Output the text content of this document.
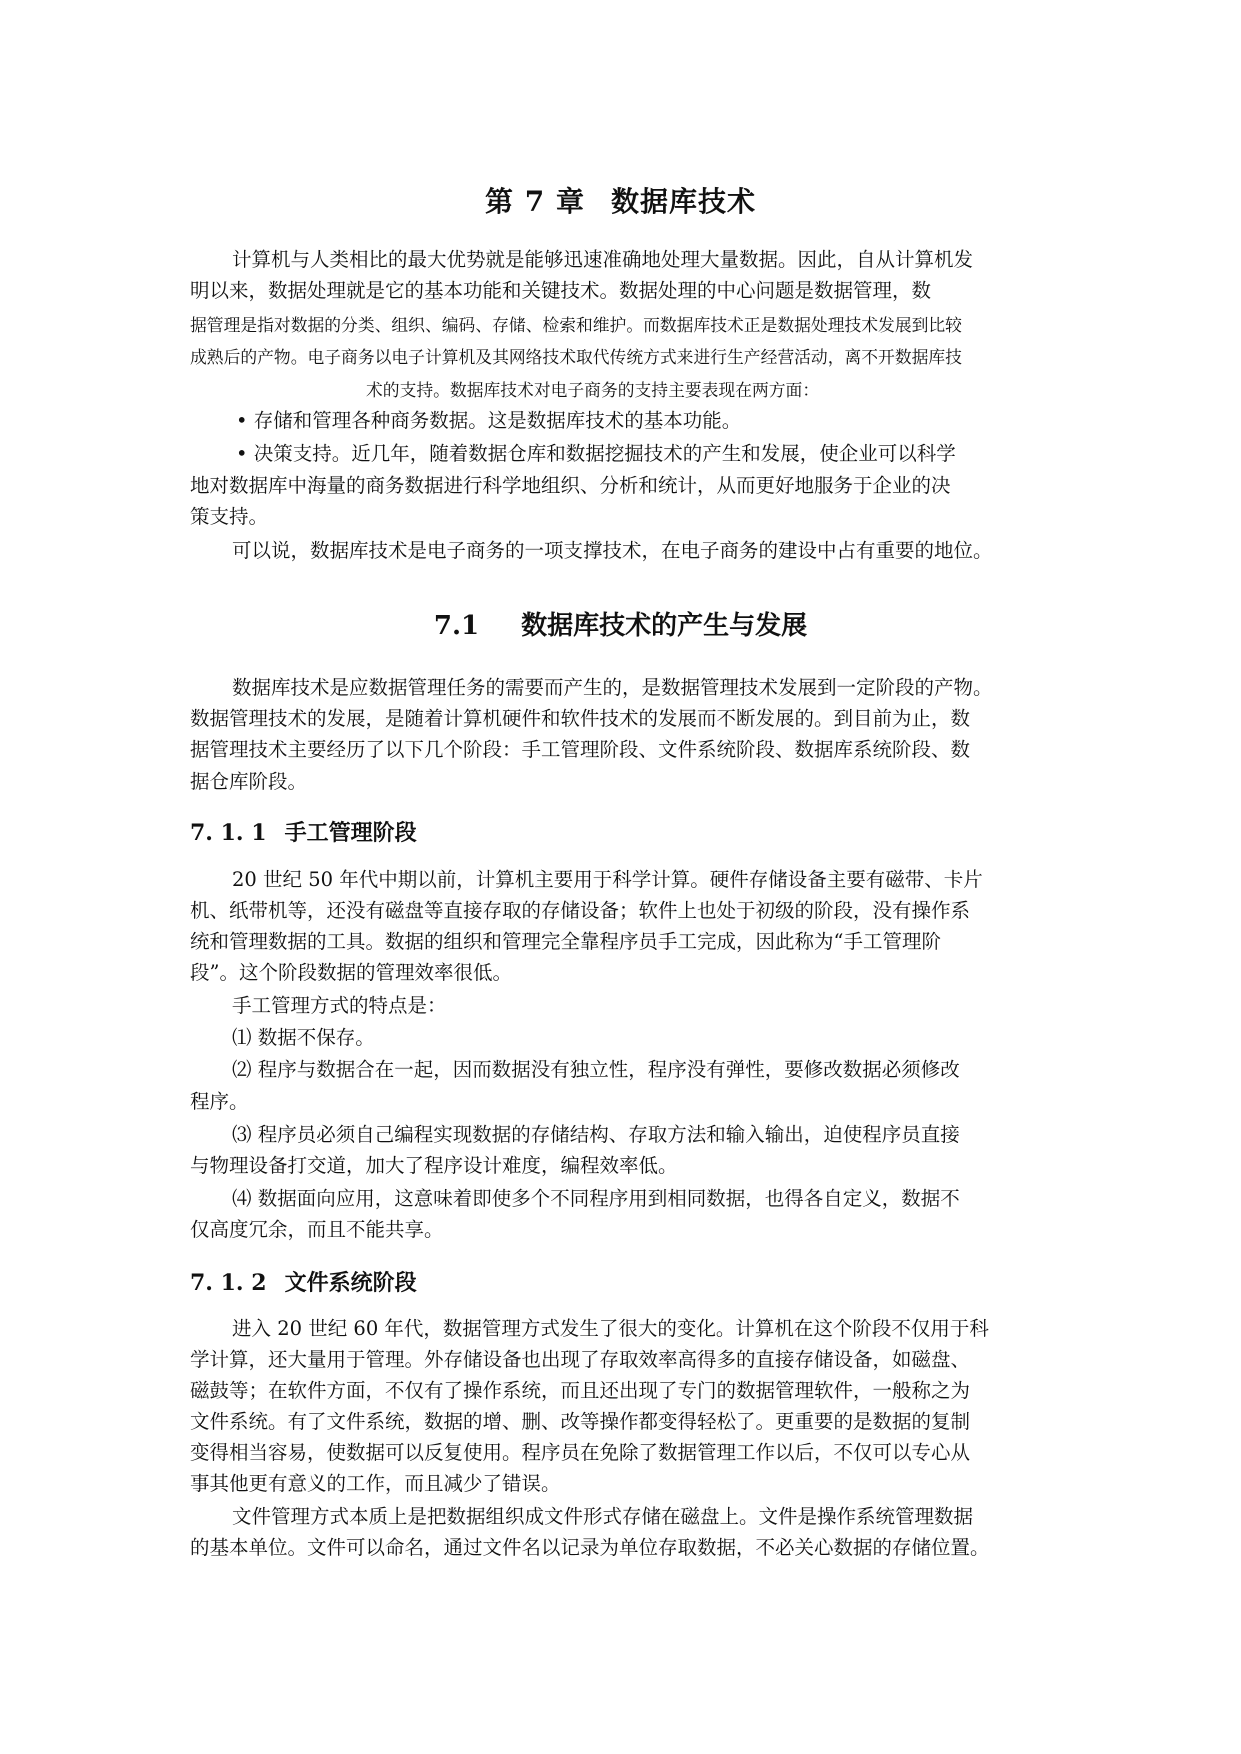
第 7 章 数据库技术

计算机与人类相比的最大优势就是能够迅速准确地处理大量数据。因此，自从计算机发

明以来，数据处理就是它的基本功能和关键技术。数据处理的中心问题是数据管理，数

据管理是指对数据的分类、组织、编码、存储、检索和维护。而数据库技术正是数据处理技术发展到比较

成熟后的产物。电子商务以电子计算机及其网络技术取代传统方式来进行生产经营活动，离不开数据库技

术的支持。数据库技术对电子商务的支持主要表现在两方面：

• 存储和管理各种商务数据。这是数据库技术的基本功能。

• 决策支持。近几年，随着数据仓库和数据挖掘技术的产生和发展，使企业可以科学

地对数据库中海量的商务数据进行科学地组织、分析和统计，从而更好地服务于企业的决

策支持。

可以说，数据库技术是电子商务的一项支撑技术，在电子商务的建设中占有重要的地位。

7.1 数据库技术的产生与发展

数据库技术是应数据管理任务的需要而产生的，是数据管理技术发展到一定阶段的产物。

数据管理技术的发展，是随着计算机硬件和软件技术的发展而不断发展的。到目前为止，数

据管理技术主要经历了以下几个阶段：手工管理阶段、文件系统阶段、数据库系统阶段、数

据仓库阶段。

7. 1. 1 手工管理阶段

20 世纪 50 年代中期以前，计算机主要用于科学计算。硬件存储设备主要有磁带、卡片

机、纸带机等，还没有磁盘等直接存取的存储设备；软件上也处于初级的阶段，没有操作系

统和管理数据的工具。数据的组织和管理完全靠程序员手工完成，因此称为“手工管理阶

段”。这个阶段数据的管理效率很低。

手工管理方式的特点是：

⑴ 数据不保存。

⑵ 程序与数据合在一起，因而数据没有独立性，程序没有弹性，要修改数据必须修改

程序。

⑶ 程序员必须自己编程实现数据的存储结构、存取方法和输入输出，迫使程序员直接

与物理设备打交道，加大了程序设计难度，编程效率低。

⑷ 数据面向应用，这意味着即使多个不同程序用到相同数据，也得各自定义，数据不

仅高度冗余，而且不能共享。

7. 1. 2 文件系统阶段

进入 20 世纪 60 年代，数据管理方式发生了很大的变化。计算机在这个阶段不仅用于科

学计算，还大量用于管理。外存储设备也出现了存取效率高得多的直接存储设备，如磁盘、

磁鼓等；在软件方面，不仅有了操作系统，而且还出现了专门的数据管理软件，一般称之为

文件系统。有了文件系统，数据的增、删、改等操作都变得轻松了。更重要的是数据的复制

变得相当容易，使数据可以反复使用。程序员在免除了数据管理工作以后，不仅可以专心从

事其他更有意义的工作，而且减少了错误。

文件管理方式本质上是把数据组织成文件形式存储在磁盘上。文件是操作系统管理数据

的基本单位。文件可以命名，通过文件名以记录为单位存取数据，不必关心数据的存储位置。
